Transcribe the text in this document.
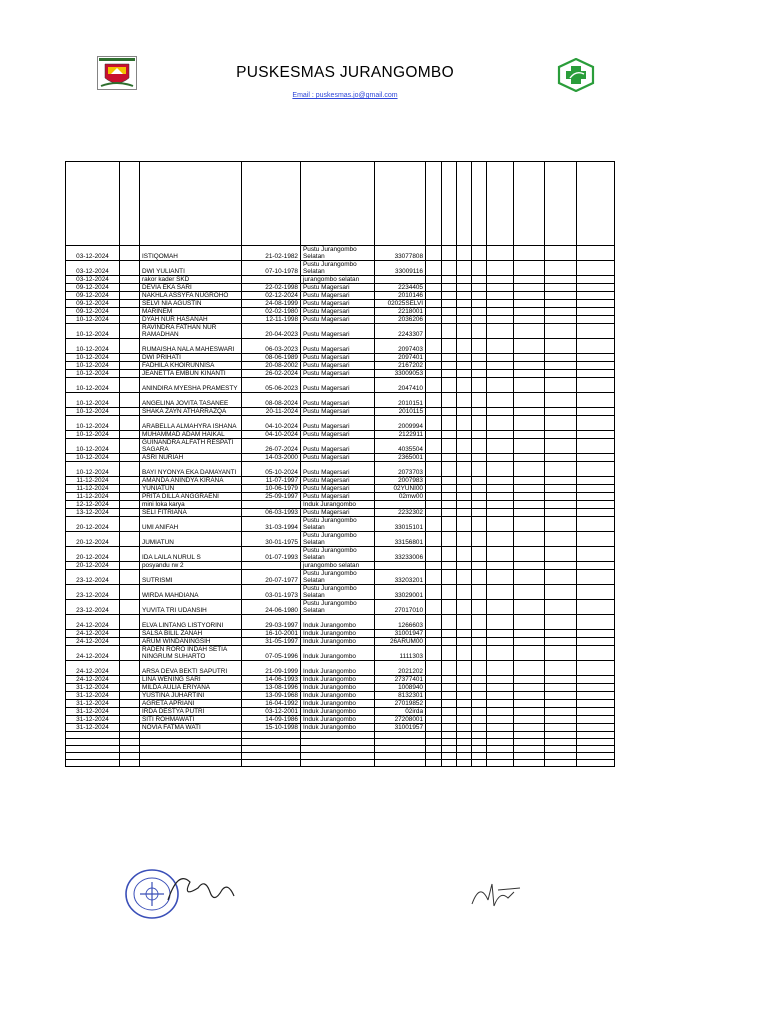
PUSKESMAS JURANGOMBO
Email : puskesmas.jo@gmail.com

03-12-2024		ISTIQOMAH	21-02-1982	Pustu Jurangombo Selatan	33077808								
03-12-2024		DWI YULIANTI	07-10-1978	Pustu Jurangombo Selatan	33009116								
03-12-2024		rakor kader SKD		jurangombo selatan									
09-12-2024		DEVIA EKA SARI	22-02-1998	Pustu Magersari	2234405								
09-12-2024		NAKHLA ASSYFA NUGROHO	02-12-2024	Pustu Magersari	2010146								
09-12-2024		SELVI NIA AGUSTIN	24-08-1999	Pustu Magersari	02025SELVI								
09-12-2024		MARINEM	02-02-1980	Pustu Magersari	2218001								
10-12-2024		DYAH NUR HASANAH	12-11-1998	Pustu Magersari	2036206								
10-12-2024		RAVINDRA FATHAN NUR RAMADHAN	20-04-2023	Pustu Magersari	2243307								
10-12-2024		RUMAISHA NALA MAHESWARI	06-03-2023	Pustu Magersari	2097403								
10-12-2024		DWI PRIHATI	08-06-1989	Pustu Magersari	2097401								
10-12-2024		FADHILA KHOIRUNNISA	20-08-2002	Pustu Magersari	2167202								
10-12-2024		JEANETTA EMBUN KINANTI	26-02-2024	Pustu Magersari	33009053								
10-12-2024		ANINDIRA MYESHA PRAMESTY	05-06-2023	Pustu Magersari	2047410								
10-12-2024		ANGELINA JOVITA TASANEE	08-08-2024	Pustu Magersari	2010151								
10-12-2024		SHAKA ZAYN ATHARRAZQA	20-11-2024	Pustu Magersari	2010115								
10-12-2024		ARABELLA ALMAHYRA ISHANA	04-10-2024	Pustu Magersari	2009994								
10-12-2024		MUHAMMAD ADAM HAIKAL	04-10-2024	Pustu Magersari	2122911								
10-12-2024		GUINANDRA ALFATH RESPATI SAGARA	26-07-2024	Pustu Magersari	4035504								
10-12-2024		ASRI NURIAH	14-03-2000	Pustu Magersari	2365001								
10-12-2024		BAYI NYONYA EKA DAMAYANTI	05-10-2024	Pustu Magersari	2073703								
11-12-2024		AMANDA ANINDYA KIRANA	11-07-1997	Pustu Magersari	2007983								
11-12-2024		YUNIATUN	10-06-1979	Pustu Magersari	02YUNI00								
11-12-2024		PRITA DILLA ANGGRAENI	25-09-1997	Pustu Magersari	02mw00								
12-12-2024		mini loka karya		Induk Jurangombo									
13-12-2024		SELI FITRIANA	06-03-1993	Pustu Magersari	2232302								
20-12-2024		UMI ANIFAH	31-03-1994	Pustu Jurangombo Selatan	33015101								
20-12-2024		JUMIATUN	30-01-1975	Pustu Jurangombo Selatan	33156801								
20-12-2024		IDA LAILA NURUL S	01-07-1993	Pustu Jurangombo Selatan	33233006								
20-12-2024		posyandu rw 2		jurangombo selatan									
23-12-2024		SUTRISMI	20-07-1977	Pustu Jurangombo Selatan	33203201								
23-12-2024		WIRDA MAHDIANA	03-01-1973	Pustu Jurangombo Selatan	33029001								
23-12-2024		YUVITA TRI UDANSIH	24-06-1980	Pustu Jurangombo Selatan	27017010								
24-12-2024		ELVA LINTANG LISTYORINI	29-03-1997	Induk Jurangombo	1266603								
24-12-2024		SALSA BILIL ZANAH	16-10-2001	Induk Jurangombo	31001947								
24-12-2024		ARUM WINDANINGSIH	31-05-1997	Induk Jurangombo	26ARUM00								
24-12-2024		RADEN RORO INDAH SETIA NINGRUM SUHARTO	07-05-1996	Induk Jurangombo	1111303								
24-12-2024		ARSA DEVA BEKTI SAPUTRI	21-09-1999	Induk Jurangombo	2021202								
24-12-2024		LINA WENING SARI	14-06-1993	Induk Jurangombo	27377401								
31-12-2024		MILDA AULIA ERIYANA	13-08-1996	Induk Jurangombo	1008940								
31-12-2024		YUSTINA JUHARTINI	13-09-1968	Induk Jurangombo	8132301								
31-12-2024		AGRETA APRIANI	16-04-1992	Induk Jurangombo	27019852								
31-12-2024		IRDA DESTYA PUTRI	03-12-2001	Induk Jurangombo	02irda								
31-12-2024		SITI ROHMAWATI	14-09-1986	Induk Jurangombo	27208001								
31-12-2024		NOVIA FATMA WATI	15-10-1998	Induk Jurangombo	31001957								
